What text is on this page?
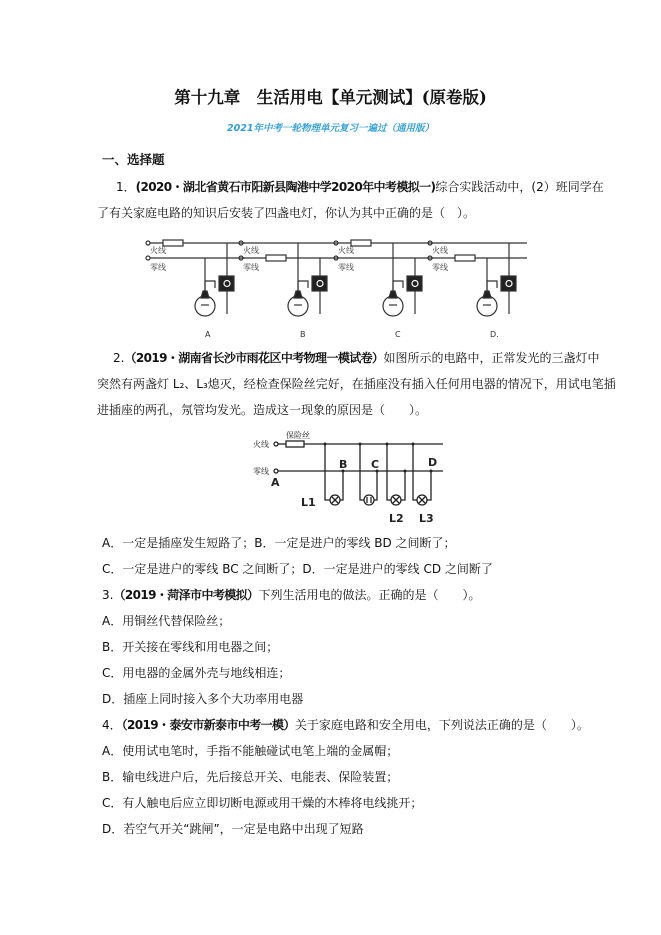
第十九章　生活用电【单元测试】(原卷版)
2021年中考一轮物理单元复习一遍过（通用版）
一、选择题
1．(2020・湖北省黄石市阳新县陶港中学2020年中考模拟一)综合实践活动中，(2）班同学在
了有关家庭电路的知识后安装了四盏电灯，你认为其中正确的是（　）。
A	B	C	D.
火线
零线
火线
零线
火线
零线
火线
零线
2.（2019・湖南省长沙市雨花区中考物理一模试卷）如图所示的电路中，正常发光的三盏灯中
突然有两盏灯 L₂、L₃熄灭，经检查保险丝完好，在插座没有插入任何用电器的情况下，用试电笔插
进插座的两孔，氖管均发光。造成这一现象的原因是（　　）。
火线
零线
保险丝
A
B C	D
L1
L2 L3
A．一定是插座发生短路了；B．一定是进户的零线 BD 之间断了；
C．一定是进户的零线 BC 之间断了；D．一定是进户的零线 CD 之间断了
3.（2019・菏泽市中考模拟）下列生活用电的做法。正确的是（　　）。
A．用铜丝代替保险丝；
B．开关接在零线和用电器之间；
C．用电器的金属外壳与地线相连；
D．插座上同时接入多个大功率用电器
4．（2019・泰安市新泰市中考一模）关于家庭电路和安全用电，下列说法正确的是（　　）。
A．使用试电笔时，手指不能触碰试电笔上端的金属帽；
B．输电线进户后，先后接总开关、电能表、保险装置；
C．有人触电后应立即切断电源或用干燥的木棒将电线挑开；
D．若空气开关“跳闸”，一定是电路中出现了短路
